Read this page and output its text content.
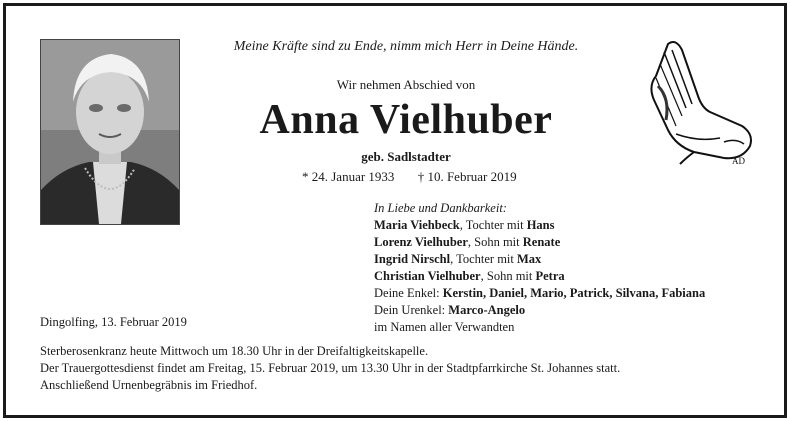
Meine Kräfte sind zu Ende, nimm mich Herr in Deine Hände.
Wir nehmen Abschied von
Anna Vielhuber
geb. Sadlstadter
* 24. Januar 1933 † 10. Februar 2019
AD
In Liebe und Dankbarkeit:
Maria Viehbeck, Tochter mit Hans
Lorenz Vielhuber, Sohn mit Renate
Ingrid Nirschl, Tochter mit Max
Christian Vielhuber, Sohn mit Petra
Deine Enkel: Kerstin, Daniel, Mario, Patrick, Silvana, Fabiana
Dein Urenkel: Marco-Angelo
im Namen aller Verwandten
Dingolfing, 13. Februar 2019
Sterberosenkranz heute Mittwoch um 18.30 Uhr in der Dreifaltigkeitskapelle.
Der Trauergottesdienst findet am Freitag, 15. Februar 2019, um 13.30 Uhr in der Stadtpfarrkirche St. Johannes statt.
Anschließend Urnenbegräbnis im Friedhof.
